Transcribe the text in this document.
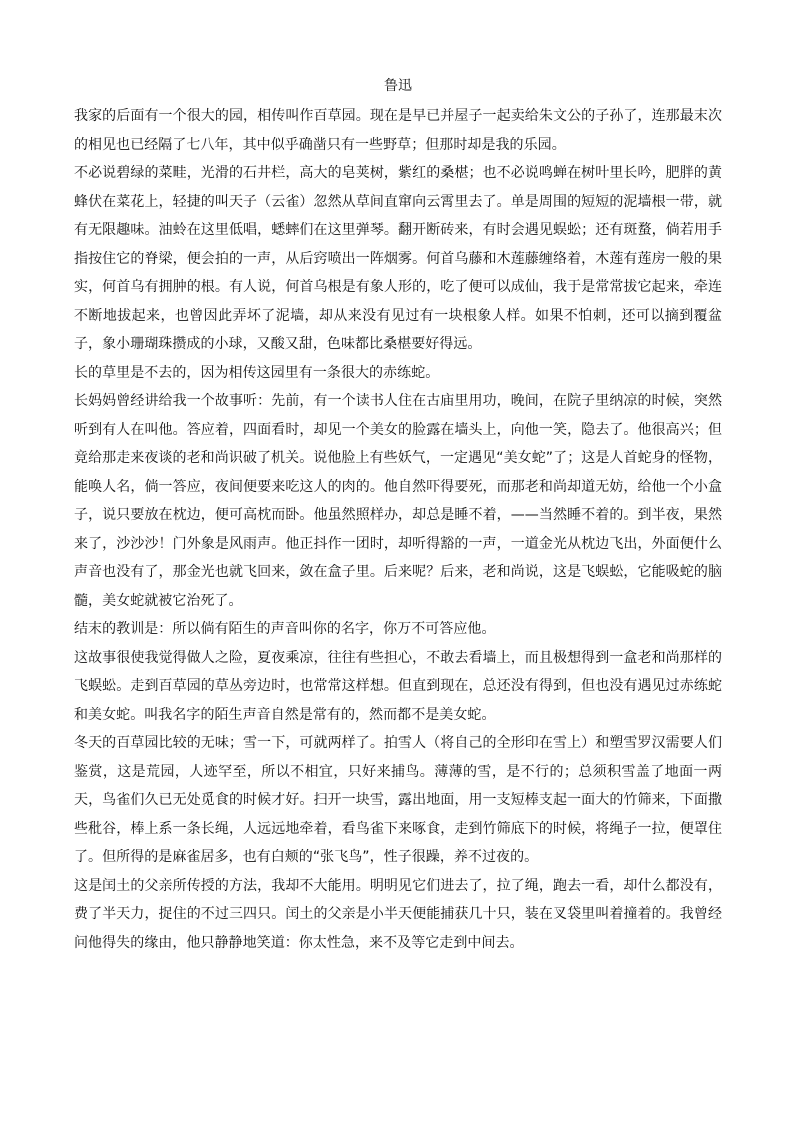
鲁迅

我家的后面有一个很大的园，相传叫作百草园。现在是早已并屋子一起卖给朱文公的子孙了，连那最末次的相见也已经隔了七八年，其中似乎确凿只有一些野草；但那时却是我的乐园。

不必说碧绿的菜畦，光滑的石井栏，高大的皂荚树，紫红的桑椹；也不必说鸣蝉在树叶里长吟，肥胖的黄蜂伏在菜花上，轻捷的叫天子（云雀）忽然从草间直窜向云霄里去了。单是周围的短短的泥墙根一带，就有无限趣味。油蛉在这里低唱，蟋蟀们在这里弹琴。翻开断砖来，有时会遇见蜈蚣；还有斑蝥，倘若用手指按住它的脊梁，便会拍的一声，从后窍喷出一阵烟雾。何首乌藤和木莲藤缠络着，木莲有莲房一般的果实，何首乌有拥肿的根。有人说，何首乌根是有象人形的，吃了便可以成仙，我于是常常拔它起来，牵连不断地拔起来，也曾因此弄坏了泥墙，却从来没有见过有一块根象人样。如果不怕刺，还可以摘到覆盆子，象小珊瑚珠攒成的小球，又酸又甜，色味都比桑椹要好得远。

长的草里是不去的，因为相传这园里有一条很大的赤练蛇。

长妈妈曾经讲给我一个故事听：先前，有一个读书人住在古庙里用功，晚间，在院子里纳凉的时候，突然听到有人在叫他。答应着，四面看时，却见一个美女的脸露在墙头上，向他一笑，隐去了。他很高兴；但竟给那走来夜谈的老和尚识破了机关。说他脸上有些妖气，一定遇见“美女蛇”了；这是人首蛇身的怪物，能唤人名，倘一答应，夜间便要来吃这人的肉的。他自然吓得要死，而那老和尚却道无妨，给他一个小盒子，说只要放在枕边，便可高枕而卧。他虽然照样办，却总是睡不着，——当然睡不着的。到半夜，果然来了，沙沙沙！门外象是风雨声。他正抖作一团时，却听得豁的一声，一道金光从枕边飞出，外面便什么声音也没有了，那金光也就飞回来，敛在盒子里。后来呢？后来，老和尚说，这是飞蜈蚣，它能吸蛇的脑髓，美女蛇就被它治死了。

结末的教训是：所以倘有陌生的声音叫你的名字，你万不可答应他。

这故事很使我觉得做人之险，夏夜乘凉，往往有些担心，不敢去看墙上，而且极想得到一盒老和尚那样的飞蜈蚣。走到百草园的草丛旁边时，也常常这样想。但直到现在，总还没有得到，但也没有遇见过赤练蛇和美女蛇。叫我名字的陌生声音自然是常有的，然而都不是美女蛇。

冬天的百草园比较的无味；雪一下，可就两样了。拍雪人（将自己的全形印在雪上）和塑雪罗汉需要人们鉴赏，这是荒园，人迹罕至，所以不相宜，只好来捕鸟。薄薄的雪，是不行的；总须积雪盖了地面一两天，鸟雀们久已无处觅食的时候才好。扫开一块雪，露出地面，用一支短棒支起一面大的竹筛来，下面撒些秕谷，棒上系一条长绳，人远远地牵着，看鸟雀下来啄食，走到竹筛底下的时候，将绳子一拉，便罩住了。但所得的是麻雀居多，也有白颊的“张飞鸟”，性子很躁，养不过夜的。

这是闰土的父亲所传授的方法，我却不大能用。明明见它们进去了，拉了绳，跑去一看，却什么都没有，费了半天力，捉住的不过三四只。闰土的父亲是小半天便能捕获几十只，装在叉袋里叫着撞着的。我曾经问他得失的缘由，他只静静地笑道：你太性急，来不及等它走到中间去。
